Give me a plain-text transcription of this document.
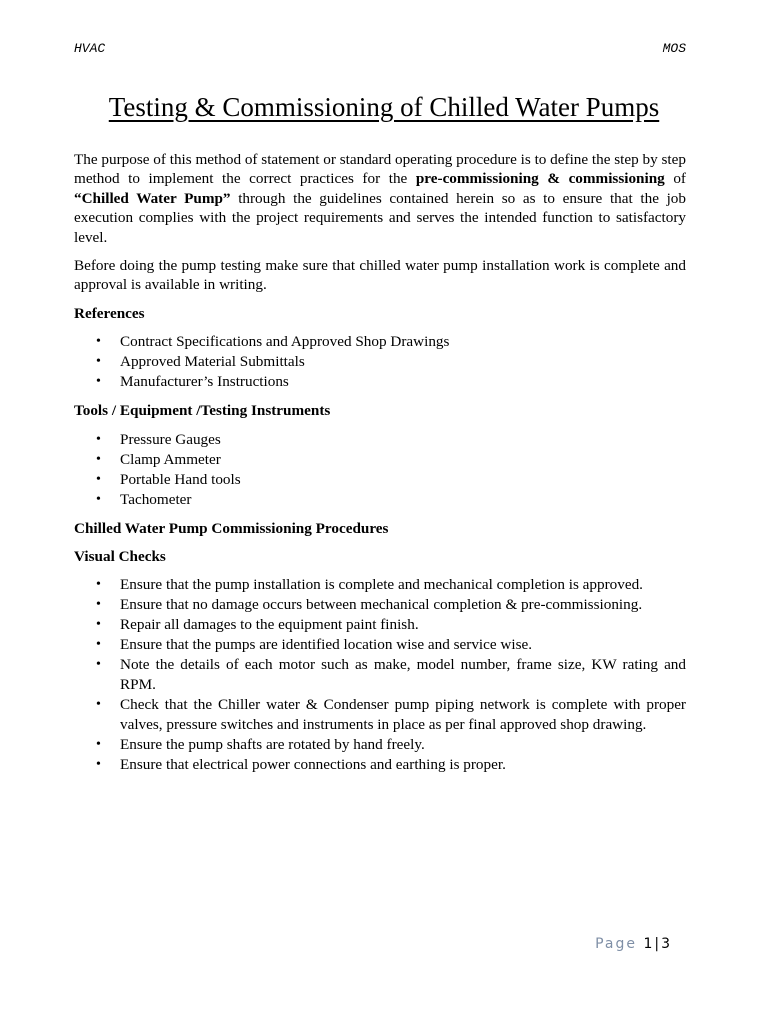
HVAC	MOS
Testing & Commissioning of Chilled Water Pumps

The purpose of this method of statement or standard operating procedure is to define the step by step method to implement the correct practices for the pre-commissioning & commissioning of “Chilled Water Pump” through the guidelines contained herein so as to ensure that the job execution complies with the project requirements and serves the intended function to satisfactory level.

Before doing the pump testing make sure that chilled water pump installation work is complete and approval is available in writing.

References

• Contract Specifications and Approved Shop Drawings
• Approved Material Submittals
• Manufacturer’s Instructions

Tools / Equipment /Testing Instruments

• Pressure Gauges
• Clamp Ammeter
• Portable Hand tools
• Tachometer

Chilled Water Pump Commissioning Procedures

Visual Checks

• Ensure that the pump installation is complete and mechanical completion is approved.
• Ensure that no damage occurs between mechanical completion & pre-commissioning.
• Repair all damages to the equipment paint finish.
• Ensure that the pumps are identified location wise and service wise.
• Note the details of each motor such as make, model number, frame size, KW rating and RPM.
• Check that the Chiller water & Condenser pump piping network is complete with proper valves, pressure switches and instruments in place as per final approved shop drawing.
• Ensure the pump shafts are rotated by hand freely.
• Ensure that electrical power connections and earthing is proper.
Page 1 | 3
